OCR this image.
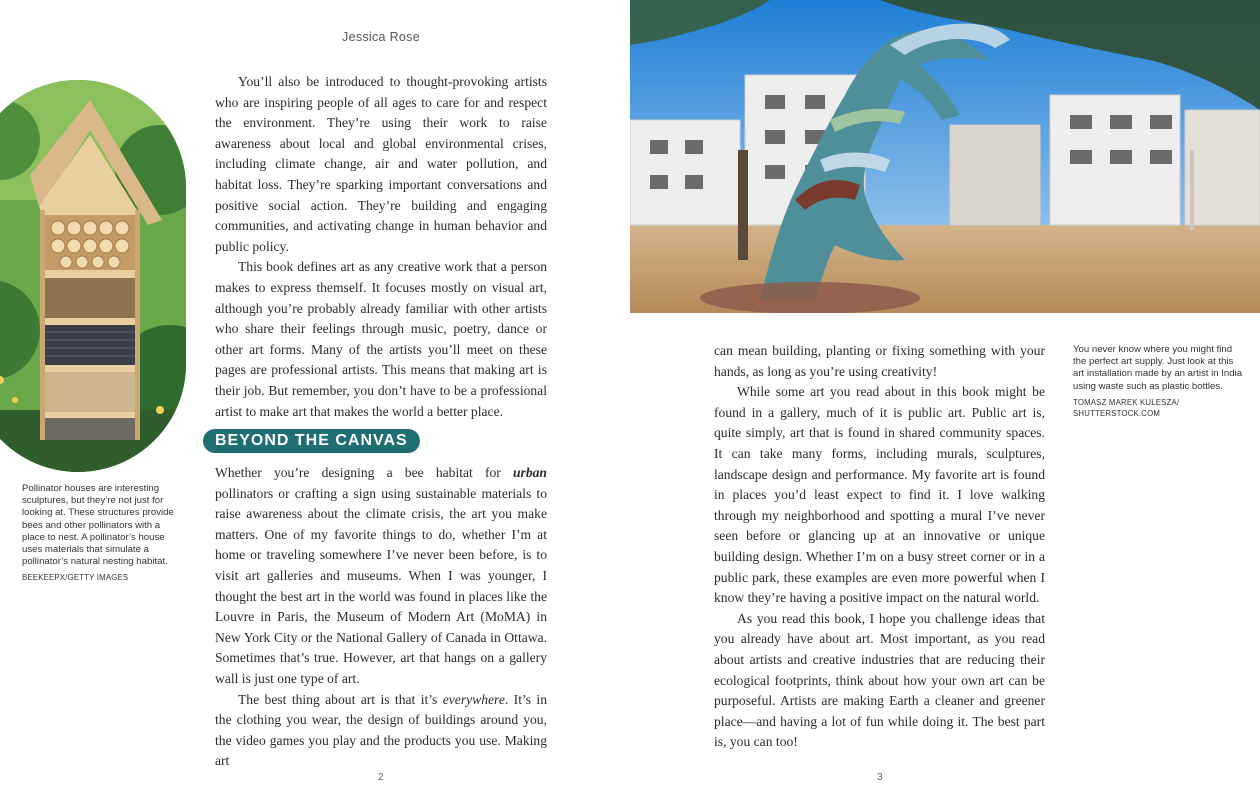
Jessica Rose
Pollinator houses are interesting sculptures, but they’re not just for looking at. These structures provide bees and other pollinators with a place to nest. A pollinator’s house uses materials that simulate a pollinator’s natural nesting habitat.
BEEKEEPX/GETTY IMAGES

You’ll also be introduced to thought-provoking artists who are inspiring people of all ages to care for and respect the environment. They’re using their work to raise awareness about local and global environmental crises, including climate change, air and water pollution, and habitat loss. They’re sparking important conversations and positive social action. They’re building and engaging communities, and activating change in human behavior and public policy.

This book defines art as any creative work that a person makes to express themself. It focuses mostly on visual art, although you’re probably already familiar with other artists who share their feelings through music, poetry, dance or other art forms. Many of the artists you’ll meet on these pages are professional artists. This means that making art is their job. But remember, you don’t have to be a professional artist to make art that makes the world a better place.

BEYOND THE CANVAS

Whether you’re designing a bee habitat for urban pollinators or crafting a sign using sustainable materials to raise awareness about the climate crisis, the art you make matters. One of my favorite things to do, whether I’m at home or traveling somewhere I’ve never been before, is to visit art galleries and museums. When I was younger, I thought the best art in the world was found in places like the Louvre in Paris, the Museum of Modern Art (MoMA) in New York City or the National Gallery of Canada in Ottawa. Sometimes that’s true. However, art that hangs on a gallery wall is just one type of art.

The best thing about art is that it’s everywhere. It’s in the clothing you wear, the design of buildings around you, the video games you play and the products you use. Making art

2
You never know where you might find the perfect art supply. Just look at this art installation made by an artist in India using waste such as plastic bottles.
TOMASZ MAREK KULESZA/
SHUTTERSTOCK.COM

can mean building, planting or fixing something with your hands, as long as you’re using creativity!

While some art you read about in this book might be found in a gallery, much of it is public art. Public art is, quite simply, art that is found in shared community spaces. It can take many forms, including murals, sculptures, landscape design and performance. My favorite art is found in places you’d least expect to find it. I love walking through my neighborhood and spotting a mural I’ve never seen before or glancing up at an innovative or unique building design. Whether I’m on a busy street corner or in a public park, these examples are even more powerful when I know they’re having a positive impact on the natural world.

As you read this book, I hope you challenge ideas that you already have about art. Most important, as you read about artists and creative industries that are reducing their ecological footprints, think about how your own art can be purposeful. Artists are making Earth a cleaner and greener place—and having a lot of fun while doing it. The best part is, you can too!

3
